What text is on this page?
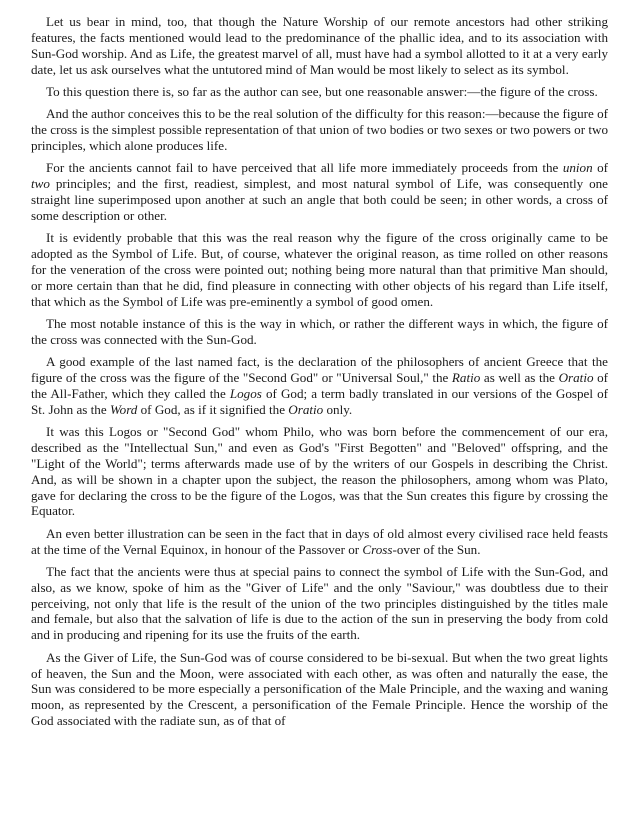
Let us bear in mind, too, that though the Nature Worship of our remote ancestors had other striking features, the facts mentioned would lead to the predominance of the phallic idea, and to its association with Sun-God worship. And as Life, the greatest marvel of all, must have had a symbol allotted to it at a very early date, let us ask ourselves what the untutored mind of Man would be most likely to select as its symbol.

To this question there is, so far as the author can see, but one reasonable answer:—the figure of the cross.

And the author conceives this to be the real solution of the difficulty for this reason:—because the figure of the cross is the simplest possible representation of that union of two bodies or two sexes or two powers or two principles, which alone produces life.

For the ancients cannot fail to have perceived that all life more immediately proceeds from the union of two principles; and the first, readiest, simplest, and most natural symbol of Life, was consequently one straight line superimposed upon another at such an angle that both could be seen; in other words, a cross of some description or other.

It is evidently probable that this was the real reason why the figure of the cross originally came to be adopted as the Symbol of Life. But, of course, whatever the original reason, as time rolled on other reasons for the veneration of the cross were pointed out; nothing being more natural than that primitive Man should, or more certain than that he did, find pleasure in connecting with other objects of his regard than Life itself, that which as the Symbol of Life was pre-eminently a symbol of good omen.

The most notable instance of this is the way in which, or rather the different ways in which, the figure of the cross was connected with the Sun-God.

A good example of the last named fact, is the declaration of the philosophers of ancient Greece that the figure of the cross was the figure of the "Second God" or "Universal Soul," the Ratio as well as the Oratio of the All-Father, which they called the Logos of God; a term badly translated in our versions of the Gospel of St. John as the Word of God, as if it signified the Oratio only.

It was this Logos or "Second God" whom Philo, who was born before the commencement of our era, described as the "Intellectual Sun," and even as God's "First Begotten" and "Beloved" offspring, and the "Light of the World"; terms afterwards made use of by the writers of our Gospels in describing the Christ. And, as will be shown in a chapter upon the subject, the reason the philosophers, among whom was Plato, gave for declaring the cross to be the figure of the Logos, was that the Sun creates this figure by crossing the Equator.

An even better illustration can be seen in the fact that in days of old almost every civilised race held feasts at the time of the Vernal Equinox, in honour of the Passover or Cross-over of the Sun.

The fact that the ancients were thus at special pains to connect the symbol of Life with the Sun-God, and also, as we know, spoke of him as the "Giver of Life" and the only "Saviour," was doubtless due to their perceiving, not only that life is the result of the union of the two principles distinguished by the titles male and female, but also that the salvation of life is due to the action of the sun in preserving the body from cold and in producing and ripening for its use the fruits of the earth.

As the Giver of Life, the Sun-God was of course considered to be bi-sexual. But when the two great lights of heaven, the Sun and the Moon, were associated with each other, as was often and naturally the ease, the Sun was considered to be more especially a personification of the Male Principle, and the waxing and waning moon, as represented by the Crescent, a personification of the Female Principle. Hence the worship of the God associated with the radiate sun, as of that of
